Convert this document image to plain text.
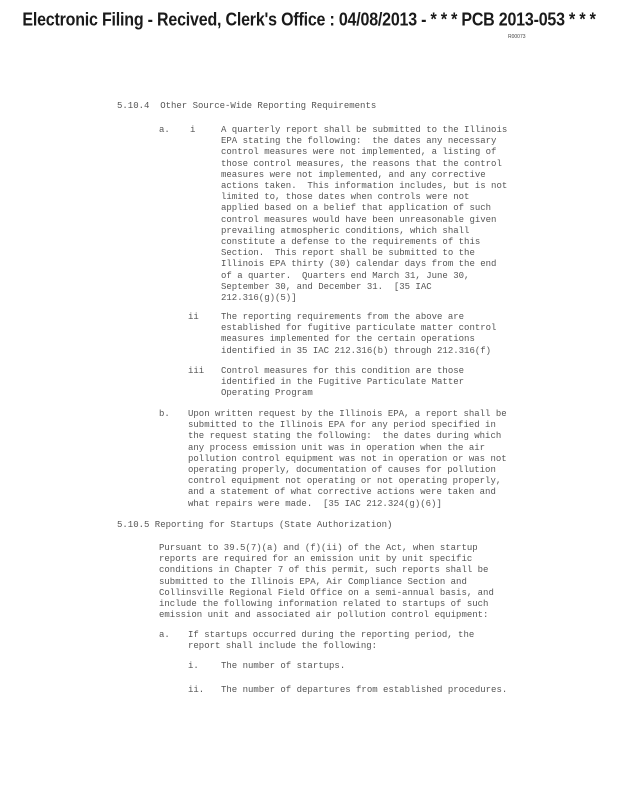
Electronic Filing - Recived, Clerk's Office : 04/08/2013 - * * * PCB 2013-053 * * *
R00073
5.10.4  Other Source-Wide Reporting Requirements
a. i	A quarterly report shall be submitted to the Illinois
EPA stating the following:  the dates any necessary
control measures were not implemented, a listing of
those control measures, the reasons that the control
measures were not implemented, and any corrective
actions taken.  This information includes, but is not
limited to, those dates when controls were not
applied based on a belief that application of such
control measures would have been unreasonable given
prevailing atmospheric conditions, which shall
constitute a defense to the requirements of this
Section.  This report shall be submitted to the
Illinois EPA thirty (30) calendar days from the end
of a quarter.  Quarters end March 31, June 30,
September 30, and December 31.  [35 IAC
212.316(g)(5)]
ii The reporting requirements from the above are
established for fugitive particulate matter control
measures implemented for the certain operations
identified in 35 IAC 212.316(b) through 212.316(f)
iii Control measures for this condition are those
identified in the Fugitive Particulate Matter
Operating Program
b. Upon written request by the Illinois EPA, a report shall be
submitted to the Illinois EPA for any period specified in
the request stating the following:  the dates during which
any process emission unit was in operation when the air
pollution control equipment was not in operation or was not
operating properly, documentation of causes for pollution
control equipment not operating or not operating properly,
and a statement of what corrective actions were taken and
what repairs were made.  [35 IAC 212.324(g)(6)]
5.10.5 Reporting for Startups (State Authorization)
Pursuant to 39.5(7)(a) and (f)(ii) of the Act, when startup
reports are required for an emission unit by unit specific
conditions in Chapter 7 of this permit, such reports shall be
submitted to the Illinois EPA, Air Compliance Section and
Collinsville Regional Field Office on a semi-annual basis, and
include the following information related to startups of such
emission unit and associated air pollution control equipment:
a. If startups occurred during the reporting period, the
report shall include the following:
i. The number of startups.
ii. The number of departures from established procedures.
